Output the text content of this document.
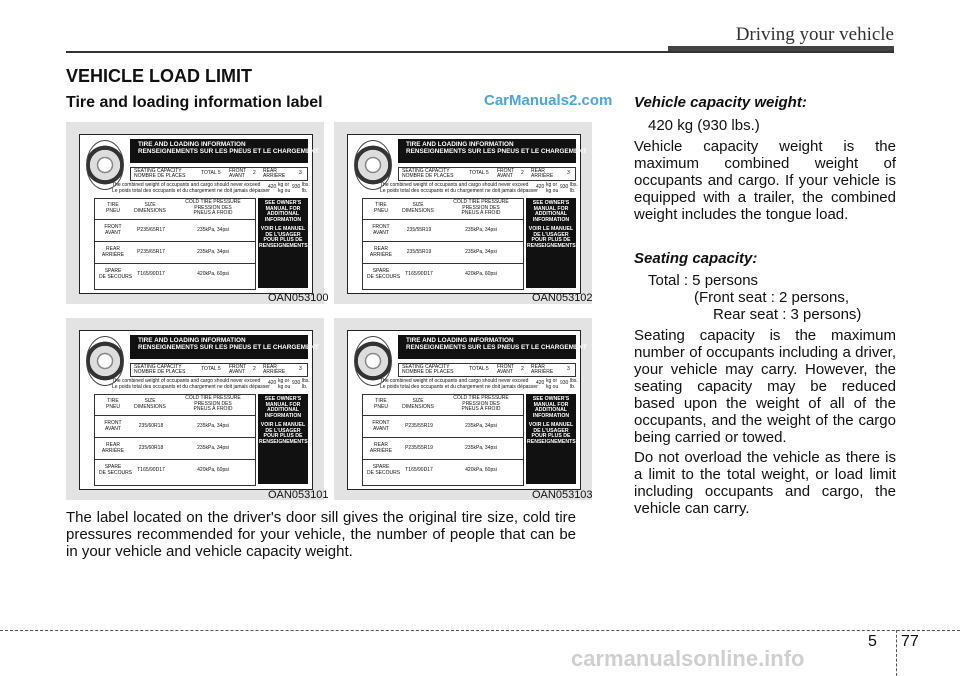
Driving your vehicle
VEHICLE LOAD LIMIT
Tire and loading information label	CarManuals2.com
TIRE AND LOADING INFORMATION
RENSEIGNEMENTS SUR LES PNEUS ET LE CHARGEMENT
SEATING CAPACITY
NOMBRE DE PLACES	TOTAL 5 FRONT
AVANT 2 REAR
ARRIÈRE	3
The combined weight of occupants and cargo should never exceed
Le poids total des occupants et du chargement ne doit jamais dépasser
420 kg or kg ou
930 lbs. lb.
TIRE
PNEU
SIZE
DIMENSIONS
COLD TIRE PRESSURE
PRESSION DES
PNEUS À FROID
FRONT
AVANT	P235/65R17	235kPa, 34psi
REAR
ARRIÈRE	P235/65R17	235kPa, 34psi
SPARE
DE SECOURS	T165/90D17	420kPa, 60psi
SEE OWNER'S MANUAL FOR ADDITIONAL INFORMATION
VOIR LE MANUEL DE L'USAGER POUR PLUS DE RENSEIGNEMENTS
OAN053100
TIRE AND LOADING INFORMATION
RENSEIGNEMENTS SUR LES PNEUS ET LE CHARGEMENT
SEATING CAPACITY
NOMBRE DE PLACES	TOTAL 5 FRONT
AVANT 2 REAR
ARRIÈRE	3
The combined weight of occupants and cargo should never exceed
Le poids total des occupants et du chargement ne doit jamais dépasser
420 kg or kg ou
930 lbs. lb.
TIRE
PNEU
SIZE
DIMENSIONS
COLD TIRE PRESSURE
PRESSION DES
PNEUS À FROID
FRONT
AVANT	235/55R19	235kPa, 34psi
REAR
ARRIÈRE	235/55R19	235kPa, 34psi
SPARE
DE SECOURS	T165/90D17	420kPa, 60psi
SEE OWNER'S MANUAL FOR ADDITIONAL INFORMATION
VOIR LE MANUEL DE L'USAGER POUR PLUS DE RENSEIGNEMENTS
OAN053102
TIRE AND LOADING INFORMATION
RENSEIGNEMENTS SUR LES PNEUS ET LE CHARGEMENT
SEATING CAPACITY
NOMBRE DE PLACES	TOTAL 5 FRONT
AVANT 2 REAR
ARRIÈRE	3
The combined weight of occupants and cargo should never exceed
Le poids total des occupants et du chargement ne doit jamais dépasser
420 kg or kg ou
930 lbs. lb.
TIRE
PNEU
SIZE
DIMENSIONS
COLD TIRE PRESSURE
PRESSION DES
PNEUS À FROID
FRONT
AVANT	235/60R18	235kPa, 34psi
REAR
ARRIÈRE	235/60R18	235kPa, 34psi
SPARE
DE SECOURS	T165/90D17	420kPa, 60psi
SEE OWNER'S MANUAL FOR ADDITIONAL INFORMATION
VOIR LE MANUEL DE L'USAGER POUR PLUS DE RENSEIGNEMENTS
OAN053101
TIRE AND LOADING INFORMATION
RENSEIGNEMENTS SUR LES PNEUS ET LE CHARGEMENT
SEATING CAPACITY
NOMBRE DE PLACES	TOTAL 5 FRONT
AVANT 2 REAR
ARRIÈRE	3
The combined weight of occupants and cargo should never exceed
Le poids total des occupants et du chargement ne doit jamais dépasser
420 kg or kg ou
930 lbs. lb.
TIRE
PNEU
SIZE
DIMENSIONS
COLD TIRE PRESSURE
PRESSION DES
PNEUS À FROID
FRONT
AVANT	P235/55R19	235kPa, 34psi
REAR
ARRIÈRE	P235/55R19	235kPa, 34psi
SPARE
DE SECOURS	T165/90D17	420kPa, 60psi
SEE OWNER'S MANUAL FOR ADDITIONAL INFORMATION
VOIR LE MANUEL DE L'USAGER POUR PLUS DE RENSEIGNEMENTS
OAN053103
The label located on the driver's door sill gives the original tire size, cold tire pressures recommended for your vehicle, the number of people that can be in your vehicle and vehicle capacity weight.
Vehicle capacity weight:
420 kg (930 lbs.)
Vehicle capacity weight is the maximum combined weight of occupants and cargo. If your vehicle is equipped with a trailer, the combined weight includes the tongue load.
Seating capacity:
Total : 5 persons
(Front seat : 2 persons,
Rear seat : 3 persons)
Seating capacity is the maximum number of occupants including a driver, your vehicle may carry. However, the seating capacity may be reduced based upon the weight of all of the occupants, and the weight of the cargo being carried or towed.
Do not overload the vehicle as there is a limit to the total weight, or load limit including occupants and cargo, the vehicle can carry.
5 77
carmanualsonline.info
